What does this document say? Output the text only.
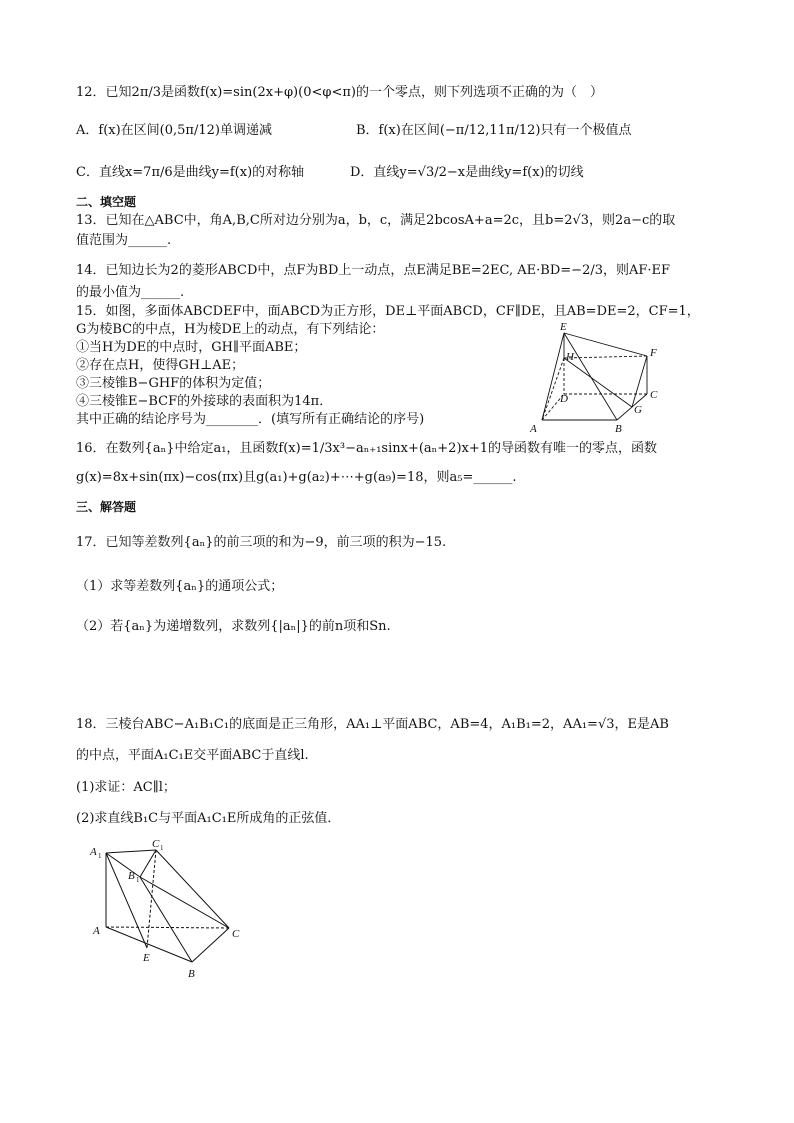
12．已知2π/3是函数f(x)=sin(2x+φ)(0<φ<π)的一个零点，则下列选项不正确的为（　）
A．f(x)在区间(0,5π/12)单调递减	B．f(x)在区间(−π/12,11π/12)只有一个极值点
C．直线x=7π/6是曲线y=f(x)的对称轴	D．直线y=√3/2−x是曲线y=f(x)的切线
二、填空题
13．已知在△ABC中，角A,B,C所对边分别为a，b，c，满足2bcosA+a=2c，且b=2√3，则2a−c的取
值范围为______.
14．已知边长为2的菱形ABCD中，点F为BD上一动点，点E满足BE=2EC, AE·BD=−2/3，则AF·EF
的最小值为______.
15．如图，多面体ABCDEF中，面ABCD为正方形，DE⊥平面ABCD，CF∥DE，且AB=DE=2，CF=1，
G为棱BC的中点，H为棱DE上的动点，有下列结论：
①当H为DE的中点时，GH∥平面ABE；
②存在点H，使得GH⊥AE；
③三棱锥B−GHF的体积为定值；
④三棱锥E−BCF的外接球的表面积为14π．
其中正确的结论序号为________．(填写所有正确结论的序号)
E
H	F
D	C
G
A	B
16．在数列{aₙ}中给定a₁，且函数f(x)=1/3x³−aₙ₊₁sinx+(aₙ+2)x+1的导函数有唯一的零点，函数
g(x)=8x+sin(πx)−cos(πx)且g(a₁)+g(a₂)+⋯+g(a₉)=18，则a₅=______.
三、解答题
17．已知等差数列{aₙ}的前三项的和为−9，前三项的积为−15.
（1）求等差数列{aₙ}的通项公式；
（2）若{aₙ}为递增数列，求数列{|aₙ|}的前n项和Sn.
18．三棱台ABC−A₁B₁C₁的底面是正三角形，AA₁⊥平面ABC，AB=4，A₁B₁=2，AA₁=√3，E是AB
的中点，平面A₁C₁E交平面ABC于直线l.
(1)求证：AC∥l；
(2)求直线B₁C与平面A₁C₁E所成角的正弦值．
A 1
C 1
B 1
A	C
E
B
